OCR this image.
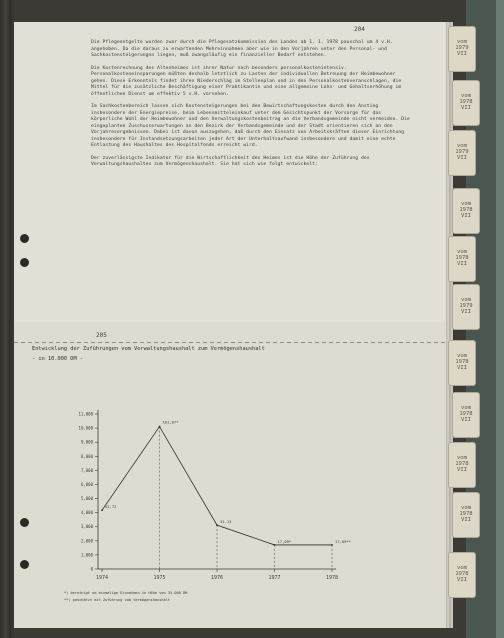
204
205

Die Pflegeentgelte wurden zwar durch die Pflegesatzkommission des Landes ab 1. 1. 1978 pauschal um 4 v.H. angehoben. Da die daraus zu erwartenden Mehreinnahmen aber wie in den Vorjahren unter den Personal- und Sachkostensteigerungen liegen, muß zwangsläufig ein finanzieller Bedarf entstehen.

Die Kostenrechnung des Altenheimes ist ihrer Natur nach besonders personalkostenintensiv. Personalkosteneinsparungen müßten deshalb letztlich zu Lasten der individuellen Betreuung der Heimbewohner gehen. Diese Erkenntnis findet ihren Niederschlag im Stellenplan und in den Personalkostenveranschlagen, die Mittel für die zusätzliche Beschäftigung einer Praktikantin und eine allgemeine Lohn- und Gehaltserhöhung im öffentlichen Dienst um effektiv 5 v.H. vorsehen.

Im Sachkostenbereich lassen sich Kostensteigerungen bei den Bewirtschaftungskosten durch den Anstieg insbesondere der Energiepreise, beim Lebensmitteleinkauf unter dem Gesichtspunkt der Vorsorge für das körperliche Wohl der Heimbewohner und den Verwaltungskostenbeitrag an die Verbandsgemeinde nicht vermeiden. Die eingeplanten Zuschusserwartungen an den Bezirk der Verbandsgemeinde und der Stadt orientieren sich an den Vorjahresergebnissen. Dabei ist davon auszugehen, daß durch den Einsatz von Arbeitskräften dieser Einrichtung insbesondere für Instandsetzungsarbeiten jeder Art der Unterhaltsaufwand insbesondere und damit eine echte Entlastung des Haushaltes des Hospitalfonds erreicht wird.

Der zuverlässigste Indikator für die Wirtschaftlichkeit des Heimes ist die Höhe der Zuführung des Verwaltungshaushaltes zum Vermögenshaushalt. Sie hat sich wie folgt entwickelt:

Entwicklung der Zuführungen vom Verwaltungshaushalt zum Vermögenshaushalt
- in 10.000 DM -
0
1,000
2,000
3,000
4,000
5,000
6,000
7,000
8,000
9,000
10,000
11,000
1974	1975	1976	1977	1978
41,72
101,07*
31,13
17,09*	17,09**
*) bereinigt um einmalige Einnahmen in Höhe von 35.000 DM
**) geschätzt mit Zuführung vom Vermögenshaushalt
vom
1979
VII
vom
1978
VII
vom
1979
VII
vom
1978
VII
vom
1978
VII
vom
1979
VII
vom
1978
VII
vom
1978
VII
vom
1978
VII
vom
1978
VII
vom
1978
VII
